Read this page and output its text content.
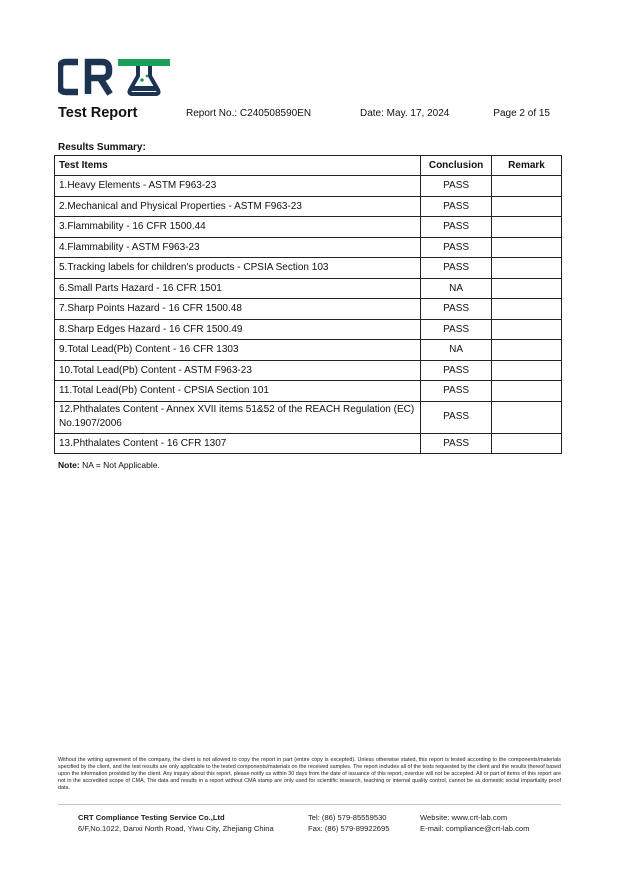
Test Report	Report No.: C240508590EN	Date: May. 17, 2024	Page 2 of 15
Results Summary:
Test Items	Conclusion	Remark
1.Heavy Elements - ASTM F963-23	PASS	
2.Mechanical and Physical Properties - ASTM F963-23	PASS	
3.Flammability - 16 CFR 1500.44	PASS	
4.Flammability - ASTM F963-23	PASS	
5.Tracking labels for children's products - CPSIA Section 103	PASS	
6.Small Parts Hazard - 16 CFR 1501	NA	
7.Sharp Points Hazard - 16 CFR 1500.48	PASS	
8.Sharp Edges Hazard - 16 CFR 1500.49	PASS	
9.Total Lead(Pb) Content - 16 CFR 1303	NA	
10.Total Lead(Pb) Content - ASTM F963-23	PASS	
11.Total Lead(Pb) Content - CPSIA Section 101	PASS	
12.Phthalates Content - Annex XVII items 51&52 of the REACH Regulation (EC) No.1907/2006	PASS	
13.Phthalates Content - 16 CFR 1307	PASS	
Note: NA = Not Applicable.
Without the writing agreement of the company, the client is not allowed to copy the report in part (entire copy is excepted). Unless otherwise stated, this report is tested according to the components/materials specified by the client, and the test results are only applicable to the tested components/materials on the received samples. The report includes all of the tests requested by the client and the results thereof based upon the information provided by the client. Any inquiry about this report, please notify us within 30 days from the date of issuance of this report, overdue will not be accepted. All or part of items of this report are not in the accredited scope of CMA, The data and results in a report without CMA stamp are only used for scientific research, teaching or internal quality control, cannot be as domestic social impartiality proof data.
CRT Compliance Testing Service Co.,Ltd
6/F,No.1022, Danxi North Road, Yiwu City, Zhejiang China
Tel: (86) 579-85559530
Fax: (86) 579-89922695
Website: www.crt-lab.com
E-mail: compliance@crt-lab.com
